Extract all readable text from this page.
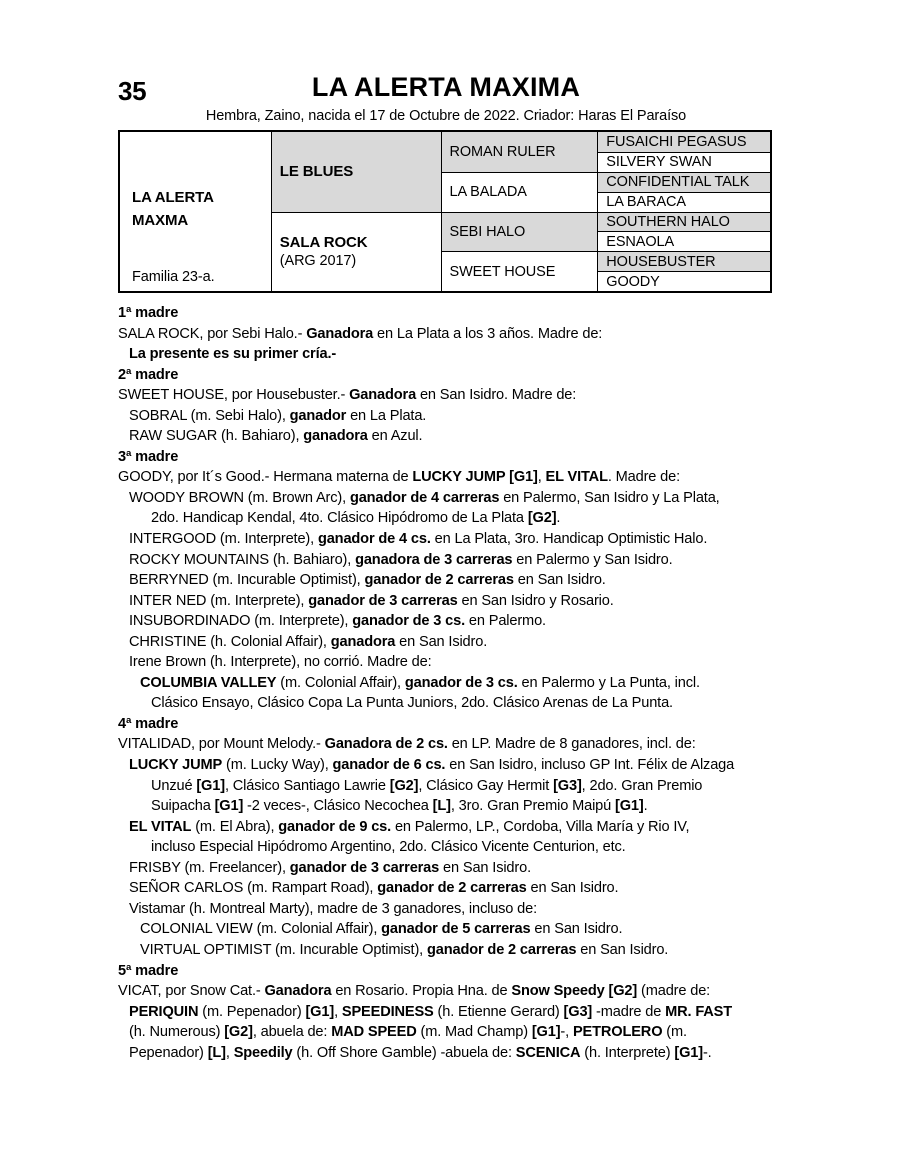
35	LA ALERTA MAXIMA
Hembra, Zaino, nacida el 17 de Octubre de 2022. Criador: Haras El Paraíso
LA ALERTA
MAXMA
Familia 23-a.
LE BLUES
SALA ROCK
(ARG 2017)
ROMAN RULER
LA BALADA
SEBI HALO
SWEET HOUSE
FUSAICHI PEGASUS
SILVERY SWAN
CONFIDENTIAL TALK
LA BARACA
SOUTHERN HALO
ESNAOLA
HOUSEBUSTER
GOODY
1ª madre
SALA ROCK, por Sebi Halo.- Ganadora en La Plata a los 3 años. Madre de:
La presente es su primer cría.-
2ª madre
SWEET HOUSE, por Housebuster.- Ganadora en San Isidro. Madre de:
SOBRAL (m. Sebi Halo), ganador en La Plata.
RAW SUGAR (h. Bahiaro), ganadora en Azul.
3ª madre
GOODY, por It´s Good.- Hermana materna de LUCKY JUMP [G1], EL VITAL. Madre de:
WOODY BROWN (m. Brown Arc), ganador de 4 carreras en Palermo, San Isidro y La Plata,
2do. Handicap Kendal, 4to. Clásico Hipódromo de La Plata [G2].
INTERGOOD (m. Interprete), ganador de 4 cs. en La Plata, 3ro. Handicap Optimistic Halo.
ROCKY MOUNTAINS (h. Bahiaro), ganadora de 3 carreras en Palermo y San Isidro.
BERRYNED (m. Incurable Optimist), ganador de 2 carreras en San Isidro.
INTER NED (m. Interprete), ganador de 3 carreras en San Isidro y Rosario.
INSUBORDINADO (m. Interprete), ganador de 3 cs. en Palermo.
CHRISTINE (h. Colonial Affair), ganadora en San Isidro.
Irene Brown (h. Interprete), no corrió. Madre de:
COLUMBIA VALLEY (m. Colonial Affair), ganador de 3 cs. en Palermo y La Punta, incl.
Clásico Ensayo, Clásico Copa La Punta Juniors, 2do. Clásico Arenas de La Punta.
4ª madre
VITALIDAD, por Mount Melody.- Ganadora de 2 cs. en LP. Madre de 8 ganadores, incl. de:
LUCKY JUMP (m. Lucky Way), ganador de 6 cs. en San Isidro, incluso GP Int. Félix de Alzaga
Unzué [G1], Clásico Santiago Lawrie [G2], Clásico Gay Hermit [G3], 2do. Gran Premio
Suipacha [G1] -2 veces-, Clásico Necochea [L], 3ro. Gran Premio Maipú [G1].
EL VITAL (m. El Abra), ganador de 9 cs. en Palermo, LP., Cordoba, Villa María y Rio IV,
incluso Especial Hipódromo Argentino, 2do. Clásico Vicente Centurion, etc.
FRISBY (m. Freelancer), ganador de 3 carreras en San Isidro.
SEÑOR CARLOS (m. Rampart Road), ganador de 2 carreras en San Isidro.
Vistamar (h. Montreal Marty), madre de 3 ganadores, incluso de:
COLONIAL VIEW (m. Colonial Affair), ganador de 5 carreras en San Isidro.
VIRTUAL OPTIMIST (m. Incurable Optimist), ganador de 2 carreras en San Isidro.
5ª madre
VICAT, por Snow Cat.- Ganadora en Rosario. Propia Hna. de Snow Speedy [G2] (madre de:
PERIQUIN (m. Pepenador) [G1], SPEEDINESS (h. Etienne Gerard) [G3] -madre de MR. FAST
(h. Numerous) [G2], abuela de: MAD SPEED (m. Mad Champ) [G1]-, PETROLERO (m.
Pepenador) [L], Speedily (h. Off Shore Gamble) -abuela de: SCENICA (h. Interprete) [G1]-.
